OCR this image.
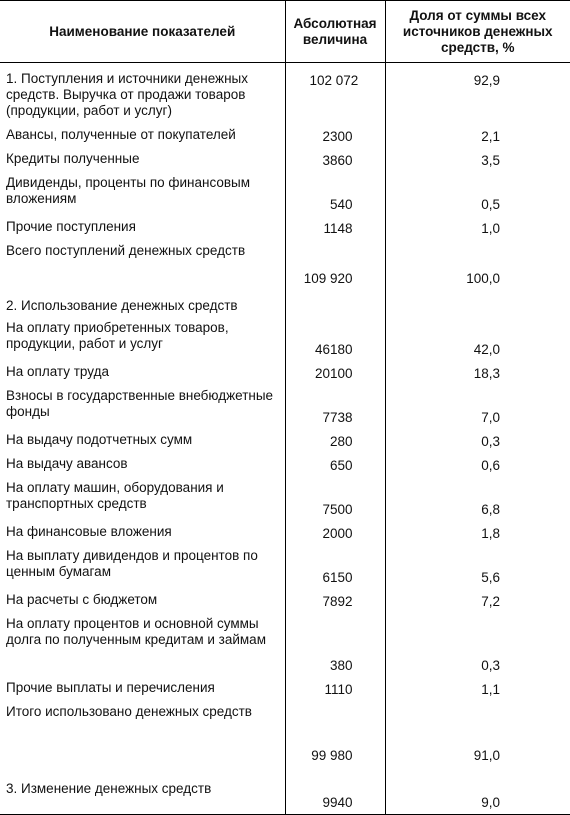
Наименование показателей	Абсолютная величина	Доля от суммы всех источников денежных средств, %
1. Поступления и источники денежных средств. Выручка от продажи товаров (продукции, работ и услуг)	102 072	92,9

Авансы, полученные от покупателей	2300	2,1

Кредиты полученные	3860	3,5

Дивиденды, проценты по финансовым вложениям	540	0,5

Прочие поступления	1148	1,0

Всего поступлений денежных средств	109 920	100,0

2. Использование денежных средств	

На оплату приобретенных товаров, продукции, работ и услуг	46180	42,0

На оплату труда	20100	18,3

Взносы в государственные внебюджетные фонды	7738	7,0

На выдачу подотчетных сумм	280	0,3

На выдачу авансов	650	0,6

На оплату машин, оборудования и транспортных средств	7500	6,8

На финансовые вложения	2000	1,8

На выплату дивидендов и процентов по ценным бумагам	6150	5,6

На расчеты с бюджетом	7892	7,2

На оплату процентов и основной суммы долга по полученным кредитам и займам	380	0,3

Прочие выплаты и перечисления	1110	1,1

Итого использовано денежных средств	99 980	91,0

3. Изменение денежных средств	9940	9,0
